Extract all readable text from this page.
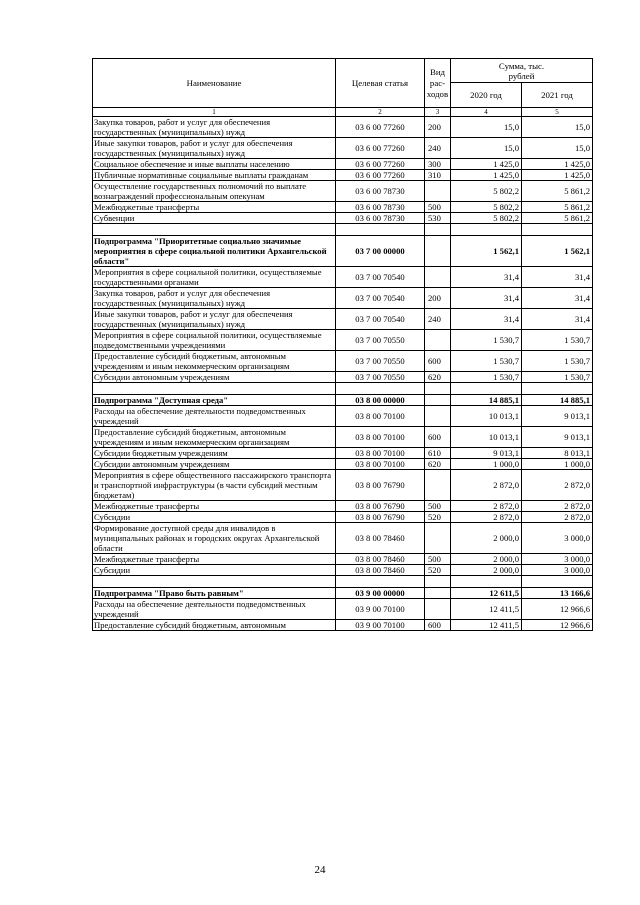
Наименование	Целевая статья	Вид рас-ходов	Сумма, тыс. рублей	
			2020 год	2021 год
1	2	3	4	5
Закупка товаров, работ и услуг для обеспечения государственных (муниципальных) нужд	03 6 00 77260	200	15,0	15,0
Иные закупки товаров, работ и услуг для обеспечения государственных (муниципальных) нужд	03 6 00 77260	240	15,0	15,0
Социальное обеспечение и иные выплаты населению	03 6 00 77260	300	1 425,0	1 425,0
Публичные нормативные социальные выплаты гражданам	03 6 00 77260	310	1 425,0	1 425,0
Осуществление государственных полномочий по выплате вознаграждений профессиональным опекунам	03 6 00 78730		5 802,2	5 861,2
Межбюджетные трансферты	03 6 00 78730	500	5 802,2	5 861,2
Субвенции	03 6 00 78730	530	5 802,2	5 861,2

Подпрограмма "Приоритетные социально значимые мероприятия в сфере социальной политики Архангельской области"	03 7 00 00000		1 562,1	1 562,1
Мероприятия в сфере социальной политики, осуществляемые государственными органами	03 7 00 70540		31,4	31,4
Закупка товаров, работ и услуг для обеспечения государственных (муниципальных) нужд	03 7 00 70540	200	31,4	31,4
Иные закупки товаров, работ и услуг для обеспечения государственных (муниципальных) нужд	03 7 00 70540	240	31,4	31,4
Мероприятия в сфере социальной политики, осуществляемые подведомственными учреждениями	03 7 00 70550		1 530,7	1 530,7
Предоставление субсидий бюджетным, автономным учреждениям и иным некоммерческим организациям	03 7 00 70550	600	1 530,7	1 530,7
Субсидии автономным учреждениям	03 7 00 70550	620	1 530,7	1 530,7

Подпрограмма "Доступная среда"	03 8 00 00000		14 885,1	14 885,1
Расходы на обеспечение деятельности подведомственных учреждений	03 8 00 70100		10 013,1	9 013,1
Предоставление субсидий бюджетным, автономным учреждениям и иным некоммерческим организациям	03 8 00 70100	600	10 013,1	9 013,1
Субсидии бюджетным учреждениям	03 8 00 70100	610	9 013,1	8 013,1
Субсидии автономным учреждениям	03 8 00 70100	620	1 000,0	1 000,0
Мероприятия в сфере общественного пассажирского транспорта и транспортной инфраструктуры (в части субсидий местным бюджетам)	03 8 00 76790		2 872,0	2 872,0
Межбюджетные трансферты	03 8 00 76790	500	2 872,0	2 872,0
Субсидии	03 8 00 76790	520	2 872,0	2 872,0
Формирование доступной среды для инвалидов в муниципальных районах и городских округах Архангельской области	03 8 00 78460		2 000,0	3 000,0
Межбюджетные трансферты	03 8 00 78460	500	2 000,0	3 000,0
Субсидии	03 8 00 78460	520	2 000,0	3 000,0

Подпрограмма "Право быть равным"	03 9 00 00000		12 611,5	13 166,6
Расходы на обеспечение деятельности подведомственных учреждений	03 9 00 70100		12 411,5	12 966,6
Предоставление субсидий бюджетным, автономным	03 9 00 70100	600	12 411,5	12 966,6
24
